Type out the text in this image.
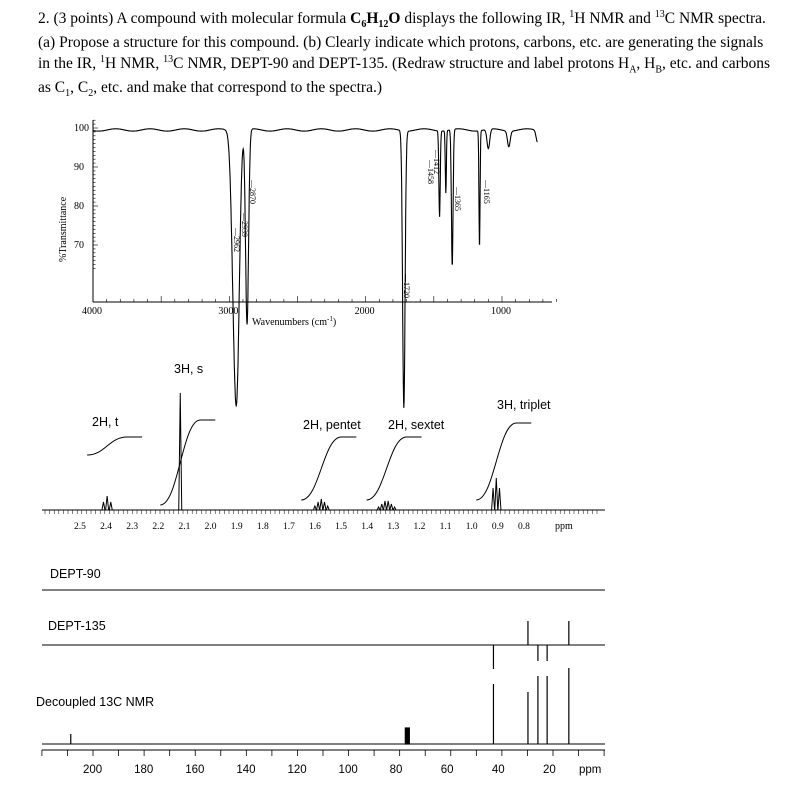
2. (3 points) A compound with molecular formula $C_6H_{12}O$ displays the following IR, $^1$H NMR and $^{13}$C NMR spectra. (a) Propose a structure for this compound. (b) Clearly indicate which protons, carbons, etc. are generating the signals in the IR, $^1$H NMR, $^{13}$C NMR, DEPT-90 and DEPT-135. (Redraw structure and label protons $H_A$, $H_B$, etc. and carbons as $C_1$, $C_2$, etc. and make that correspond to the spectra.)

%Transmittance
100
90
80
70
4000	3000	2000	1000
Wavenumbers $(cm^{-1})$
—2870
—2939
—2962
—1720
—1412
—1458
—1365	—1165
2.5 2.4 2.3 2.2 2.1 2.0 1.9 1.8 1.7 1.6 1.5 1.4 1.3 1.2 1.1 1.0 0.9 0.8	ppm
200	180	160	140	120	100	80	60	40	20 ppm
3H, s
2H, t	2H, pentet 2H, sextet
3H, triplet
DEPT-90
DEPT-135
Decoupled 13C NMR
